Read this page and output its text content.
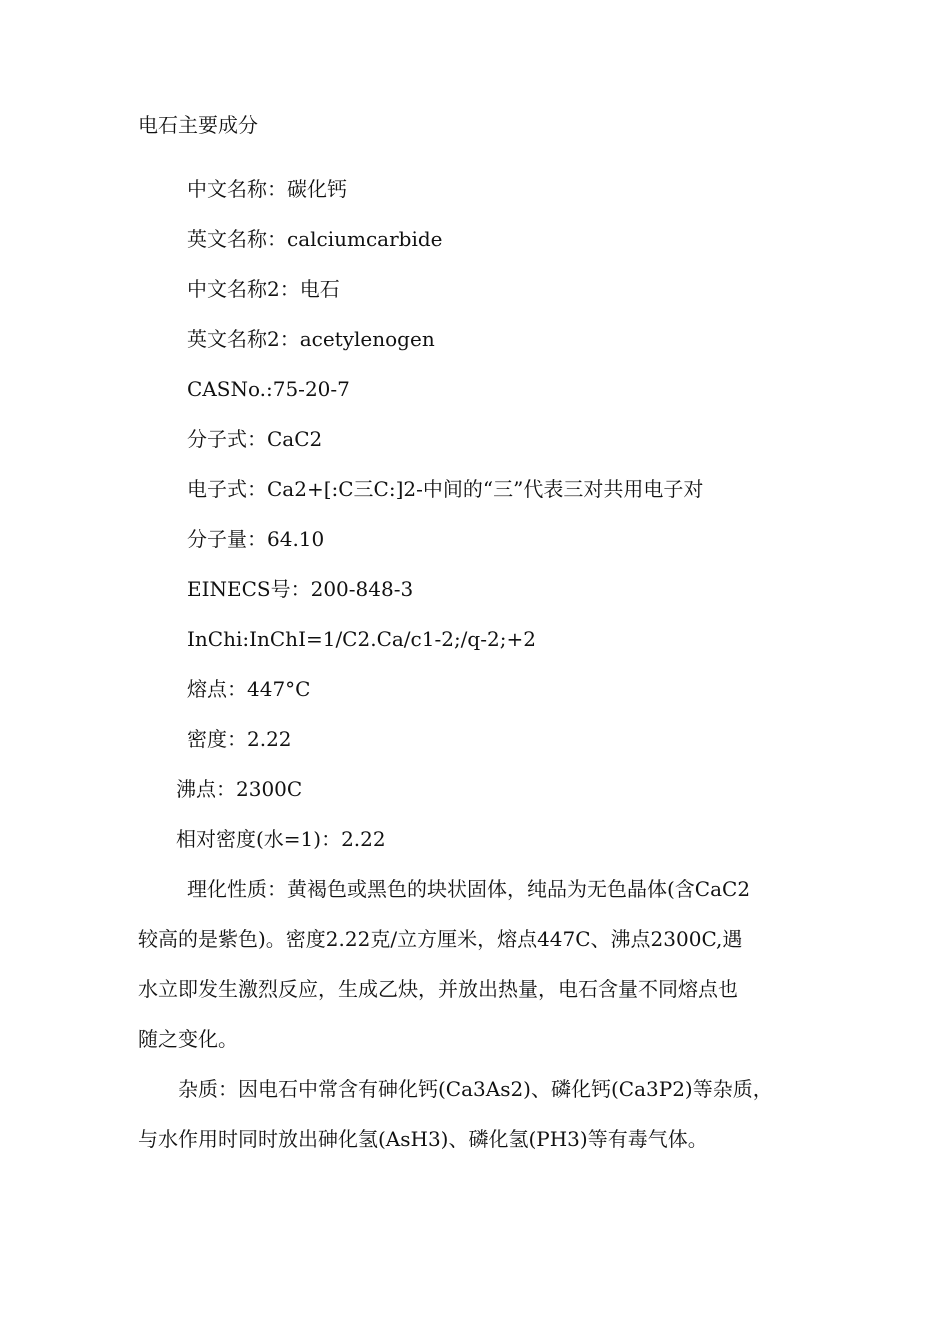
电石主要成分
中文名称：碳化钙
英文名称：calciumcarbide
中文名称2：电石
英文名称2：acetylenogen
CASNo.:75-20-7
分子式：CaC2
电子式：Ca2+[:C三C:]2-中间的“三”代表三对共用电子对
分子量：64.10
EINECS号：200-848-3
InChi:InChI=1/C2.Ca/c1-2;/q-2;+2
熔点：447°C
密度：2.22
沸点：2300C
相对密度(水=1)：2.22
理化性质：黄褐色或黑色的块状固体，纯品为无色晶体(含CaC2
较高的是紫色)。密度2.22克/立方厘米，熔点447C、沸点2300C,遇
水立即发生激烈反应，生成乙炔，并放出热量，电石含量不同熔点也
随之变化。
杂质：因电石中常含有砷化钙(Ca3As2)、磷化钙(Ca3P2)等杂质，
与水作用时同时放出砷化氢(AsH3)、磷化氢(PH3)等有毒气体。
